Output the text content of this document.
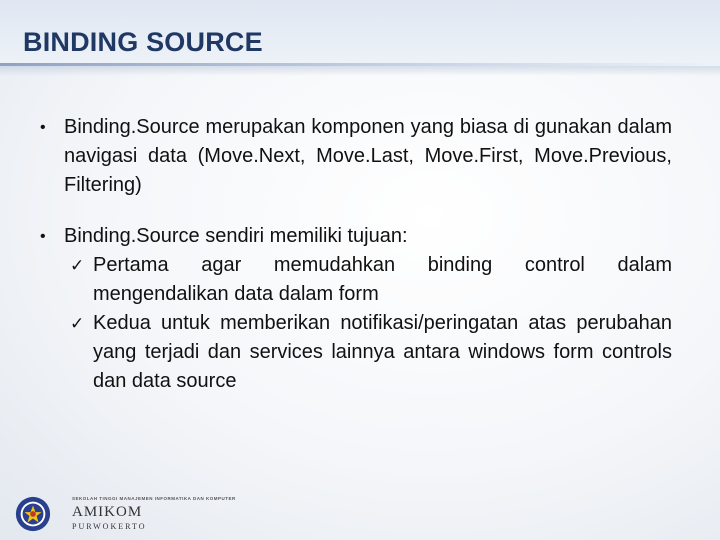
BINDING SOURCE
• Binding.Source merupakan komponen yang biasa di gunakan dalam navigasi data (Move.Next, Move.Last, Move.First, Move.Previous, Filtering)
• Binding.Source sendiri memiliki tujuan:
✓ Pertama agar memudahkan binding control dalam mengendalikan data dalam form
✓ Kedua untuk memberikan notifikasi/peringatan atas perubahan yang terjadi dan services lainnya antara windows form controls dan data source
SEKOLAH TINGGI MANAJEMEN INFORMATIKA DAN KOMPUTER
AMIKOM
PURWOKERTO
